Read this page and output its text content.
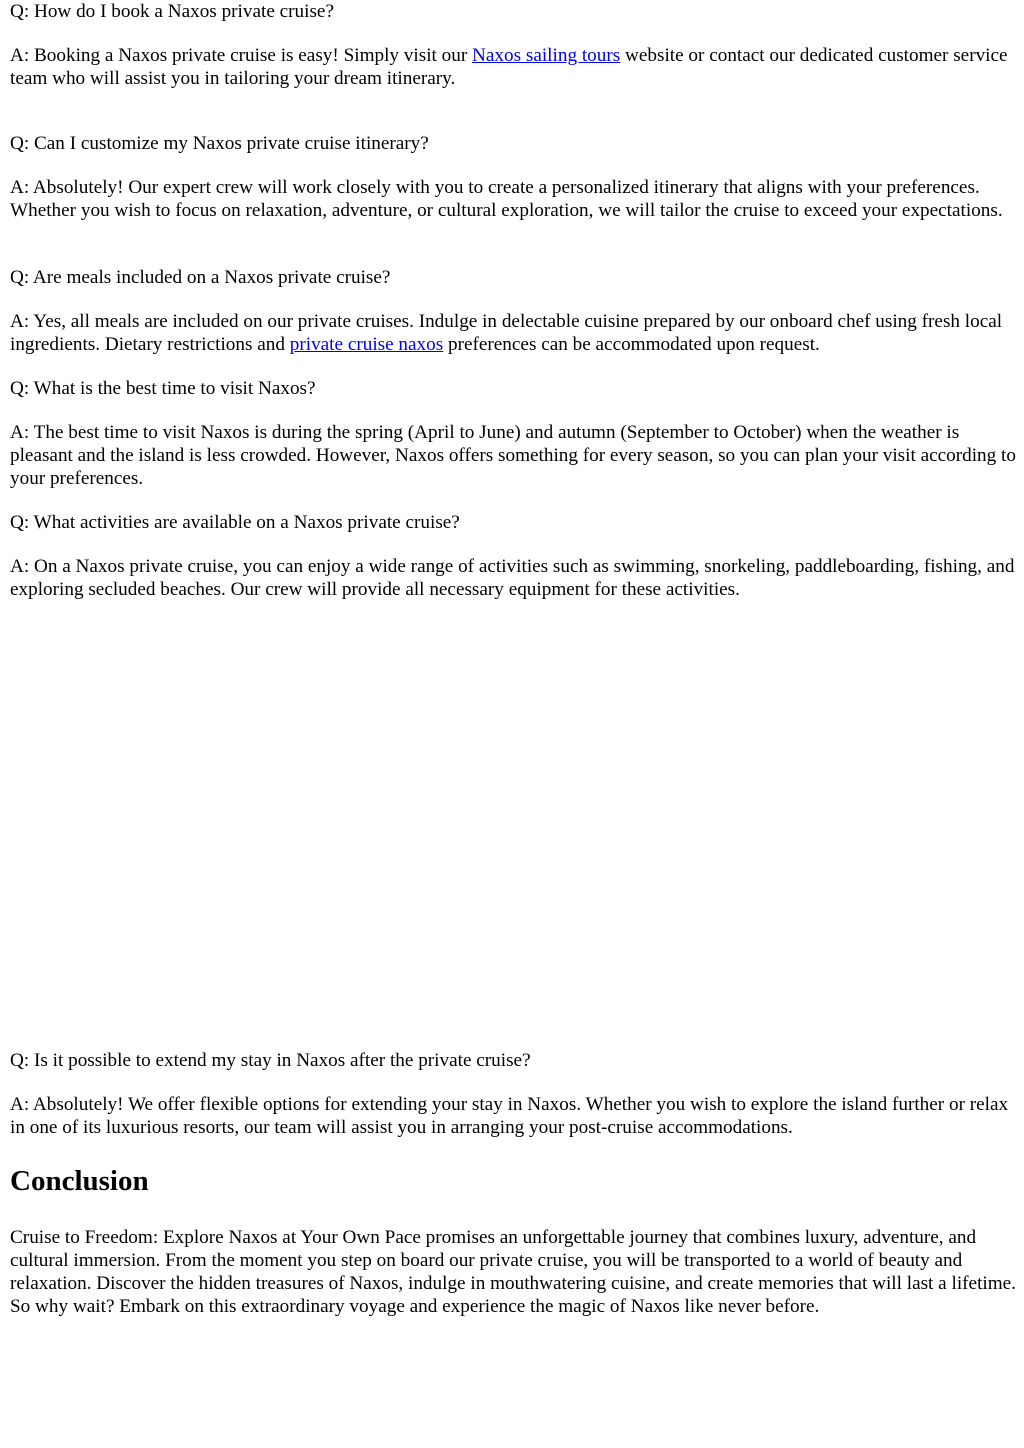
Q: How do I book a Naxos private cruise?

A: Booking a Naxos private cruise is easy! Simply visit our Naxos sailing tours website or contact our dedicated customer service team who will assist you in tailoring your dream itinerary.

Q: Can I customize my Naxos private cruise itinerary?

A: Absolutely! Our expert crew will work closely with you to create a personalized itinerary that aligns with your preferences. Whether you wish to focus on relaxation, adventure, or cultural exploration, we will tailor the cruise to exceed your expectations.

Q: Are meals included on a Naxos private cruise?

A: Yes, all meals are included on our private cruises. Indulge in delectable cuisine prepared by our onboard chef using fresh local ingredients. Dietary restrictions and private cruise naxos preferences can be accommodated upon request.

Q: What is the best time to visit Naxos?

A: The best time to visit Naxos is during the spring (April to June) and autumn (September to October) when the weather is pleasant and the island is less crowded. However, Naxos offers something for every season, so you can plan your visit according to your preferences.

Q: What activities are available on a Naxos private cruise?

A: On a Naxos private cruise, you can enjoy a wide range of activities such as swimming, snorkeling, paddleboarding, fishing, and exploring secluded beaches. Our crew will provide all necessary equipment for these activities.

Q: Is it possible to extend my stay in Naxos after the private cruise?

A: Absolutely! We offer flexible options for extending your stay in Naxos. Whether you wish to explore the island further or relax in one of its luxurious resorts, our team will assist you in arranging your post-cruise accommodations.

Conclusion

Cruise to Freedom: Explore Naxos at Your Own Pace promises an unforgettable journey that combines luxury, adventure, and cultural immersion. From the moment you step on board our private cruise, you will be transported to a world of beauty and relaxation. Discover the hidden treasures of Naxos, indulge in mouthwatering cuisine, and create memories that will last a lifetime. So why wait? Embark on this extraordinary voyage and experience the magic of Naxos like never before.
